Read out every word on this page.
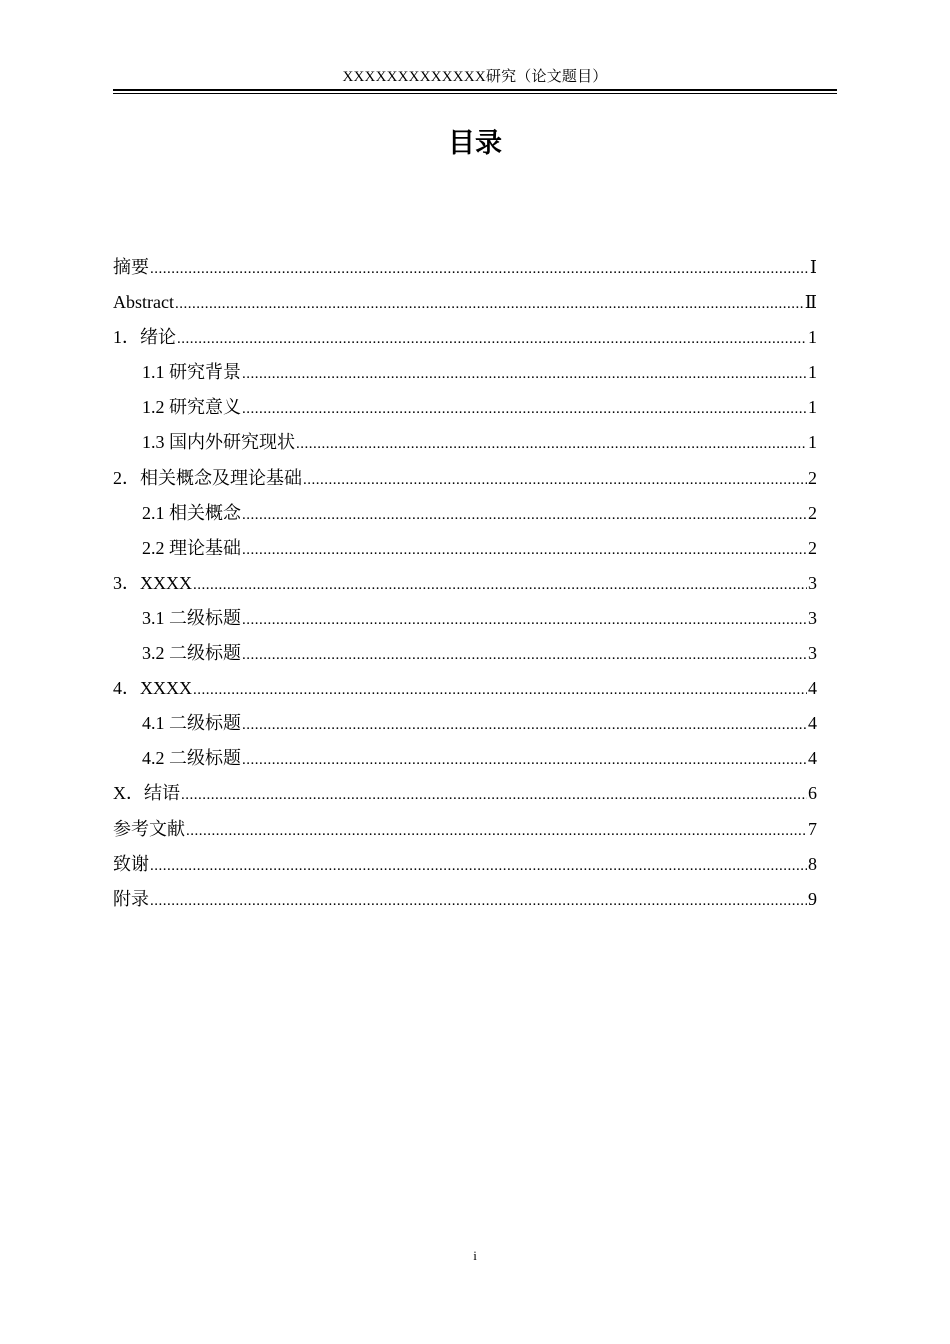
XXXXXXXXXXXXX研究（论文题目）
目录
摘要 .....	Ⅰ
Abstract .....	Ⅱ
1．绪论 .....	1
1.1 研究背景 .....	1
1.2 研究意义 .....	1
1.3 国内外研究现状 .....	1
2．相关概念及理论基础 .....	2
2.1 相关概念 .....	2
2.2 理论基础 .....	2
3．XXXX .....	3
3.1 二级标题 .....	3
3.2 二级标题 .....	3
4．XXXX .....	4
4.1 二级标题 .....	4
4.2 二级标题 .....	4
X．结语 .....	6
参考文献 .....	7
致谢 .....	8
附录 .....	9
i
